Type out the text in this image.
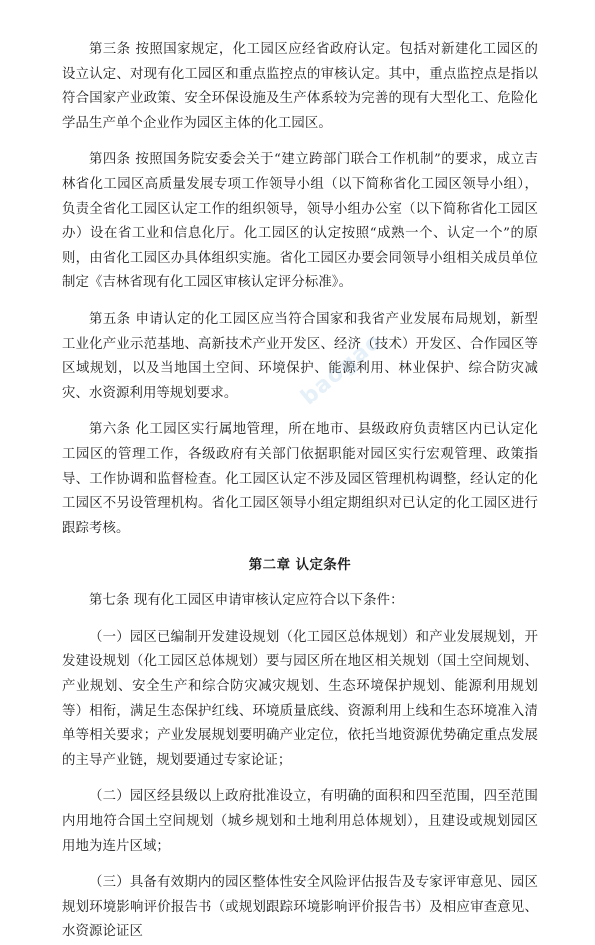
第三条 按照国家规定，化工园区应经省政府认定。包括对新建化工园区的设立认定、对现有化工园区和重点监控点的审核认定。其中，重点监控点是指以符合国家产业政策、安全环保设施及生产体系较为完善的现有大型化工、危险化学品生产单个企业作为园区主体的化工园区。

第四条 按照国务院安委会关于“建立跨部门联合工作机制”的要求，成立吉林省化工园区高质量发展专项工作领导小组（以下简称省化工园区领导小组），负责全省化工园区认定工作的组织领导，领导小组办公室（以下简称省化工园区办）设在省工业和信息化厅。化工园区的认定按照“成熟一个、认定一个”的原则，由省化工园区办具体组织实施。省化工园区办要会同领导小组相关成员单位制定《吉林省现有化工园区审核认定评分标准》。

第五条 申请认定的化工园区应当符合国家和我省产业发展布局规划，新型工业化产业示范基地、高新技术产业开发区、经济（技术）开发区、合作园区等区域规划，以及当地国土空间、环境保护、能源利用、林业保护、综合防灾减灾、水资源利用等规划要求。

第六条 化工园区实行属地管理，所在地市、县级政府负责辖区内已认定化工园区的管理工作，各级政府有关部门依据职能对园区实行宏观管理、政策指导、工作协调和监督检查。化工园区认定不涉及园区管理机构调整，经认定的化工园区不另设管理机构。省化工园区领导小组定期组织对已认定的化工园区进行跟踪考核。

第二章 认定条件

第七条 现有化工园区申请审核认定应符合以下条件：

（一）园区已编制开发建设规划（化工园区总体规划）和产业发展规划，开发建设规划（化工园区总体规划）要与园区所在地区相关规划（国土空间规划、产业规划、安全生产和综合防灾减灾规划、生态环境保护规划、能源利用规划等）相衔，满足生态保护红线、环境质量底线、资源利用上线和生态环境准入清单等相关要求；产业发展规划要明确产业定位，依托当地资源优势确定重点发展的主导产业链，规划要通过专家论证；

（二）园区经县级以上政府批准设立，有明确的面积和四至范围，四至范围内用地符合国土空间规划（城乡规划和土地利用总体规划），且建设或规划园区用地为连片区域；

（三）具备有效期内的园区整体性安全风险评估报告及专家评审意见、园区规划环境影响评价报告书（或规划跟踪环境影响评价报告书）及相应审查意见、水资源论证区

baogao
